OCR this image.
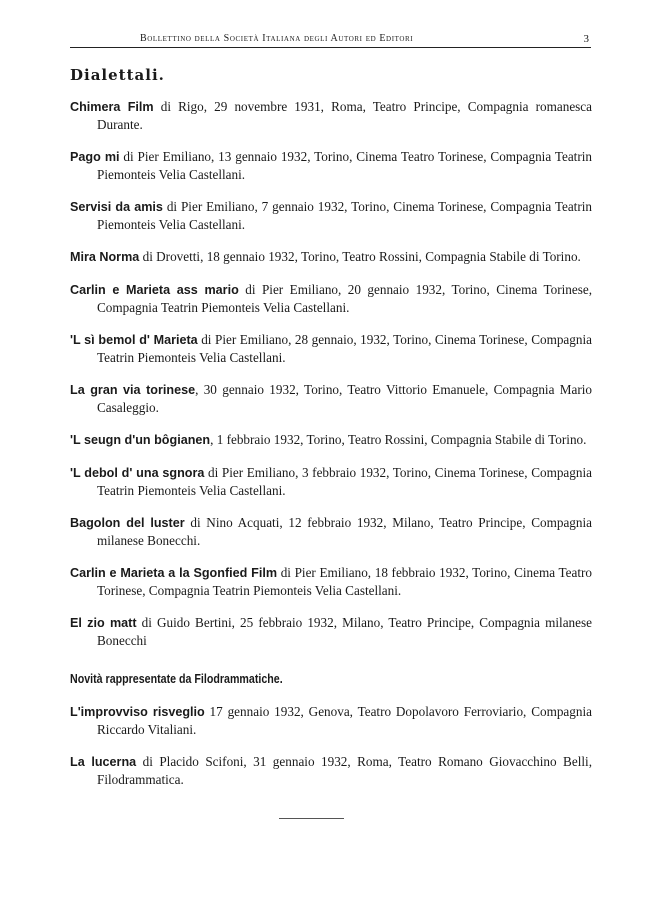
Bollettino della Società Italiana degli Autori ed Editori	3
Dialettali.

Chimera Film di Rigo, 29 novembre 1931, Roma, Teatro Principe, Compagnia romanesca Durante.

Pago mi di Pier Emiliano, 13 gennaio 1932, Torino, Cinema Teatro Torinese, Compagnia Teatrin Piemonteis Velia Castellani.

Servisi da amis di Pier Emiliano, 7 gennaio 1932, Torino, Cinema Torinese, Compagnia Teatrin Piemonteis Velia Castellani.

Mira Norma di Drovetti, 18 gennaio 1932, Torino, Teatro Rossini, Compagnia Stabile di Torino.

Carlin e Marieta ass mario di Pier Emiliano, 20 gennaio 1932, Torino, Cinema Torinese, Compagnia Teatrin Piemonteis Velia Castellani.

'L sì bemol d' Marieta di Pier Emiliano, 28 gennaio, 1932, Torino, Cinema Torinese, Compagnia Teatrin Piemonteis Velia Castellani.

La gran via torinese, 30 gennaio 1932, Torino, Teatro Vittorio Emanuele, Compagnia Mario Casaleggio.

'L seugn d'un bôgianen, 1 febbraio 1932, Torino, Teatro Rossini, Compagnia Stabile di Torino.

'L debol d' una sgnora di Pier Emiliano, 3 febbraio 1932, Torino, Cinema Torinese, Compagnia Teatrin Piemonteis Velia Castellani.

Bagolon del luster di Nino Acquati, 12 febbraio 1932, Milano, Teatro Principe, Compagnia milanese Bonecchi.

Carlin e Marieta a la Sgonfied Film di Pier Emiliano, 18 febbraio 1932, Torino, Cinema Teatro Torinese, Compagnia Teatrin Piemonteis Velia Castellani.

El zio matt di Guido Bertini, 25 febbraio 1932, Milano, Teatro Principe, Compagnia milanese Bonecchi

Novità rappresentate da Filodrammatiche.

L'improvviso risveglio 17 gennaio 1932, Genova, Teatro Dopolavoro Ferroviario, Compagnia Riccardo Vitaliani.

La lucerna di Placido Scifoni, 31 gennaio 1932, Roma, Teatro Romano Giovacchino Belli, Filodrammatica.
